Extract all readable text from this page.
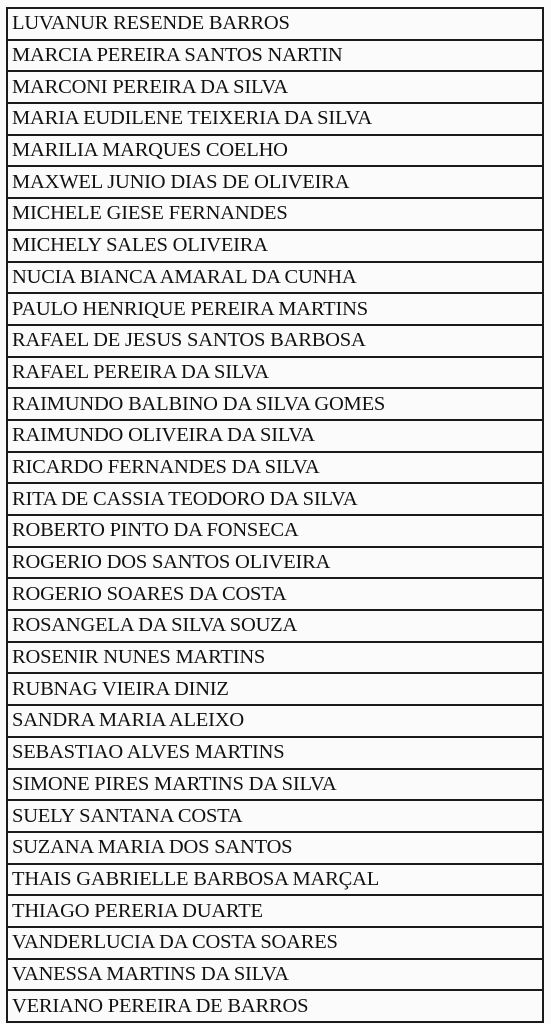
LUVANUR RESENDE BARROS
MARCIA PEREIRA SANTOS NARTIN
MARCONI PEREIRA DA SILVA
MARIA EUDILENE TEIXERIA DA SILVA
MARILIA MARQUES COELHO
MAXWEL JUNIO DIAS DE OLIVEIRA
MICHELE GIESE FERNANDES
MICHELY SALES OLIVEIRA
NUCIA BIANCA AMARAL DA CUNHA
PAULO HENRIQUE PEREIRA MARTINS
RAFAEL DE JESUS SANTOS BARBOSA
RAFAEL PEREIRA DA SILVA
RAIMUNDO BALBINO DA SILVA GOMES
RAIMUNDO OLIVEIRA DA SILVA
RICARDO FERNANDES DA SILVA
RITA DE CASSIA TEODORO DA SILVA
ROBERTO PINTO DA FONSECA
ROGERIO DOS SANTOS OLIVEIRA
ROGERIO SOARES DA COSTA
ROSANGELA DA SILVA SOUZA
ROSENIR NUNES MARTINS
RUBNAG VIEIRA DINIZ
SANDRA MARIA ALEIXO
SEBASTIAO ALVES MARTINS
SIMONE PIRES MARTINS DA SILVA
SUELY SANTANA COSTA
SUZANA MARIA DOS SANTOS
THAIS GABRIELLE BARBOSA MARÇAL
THIAGO PERERIA DUARTE
VANDERLUCIA DA COSTA SOARES
VANESSA MARTINS DA SILVA
VERIANO PEREIRA DE BARROS
